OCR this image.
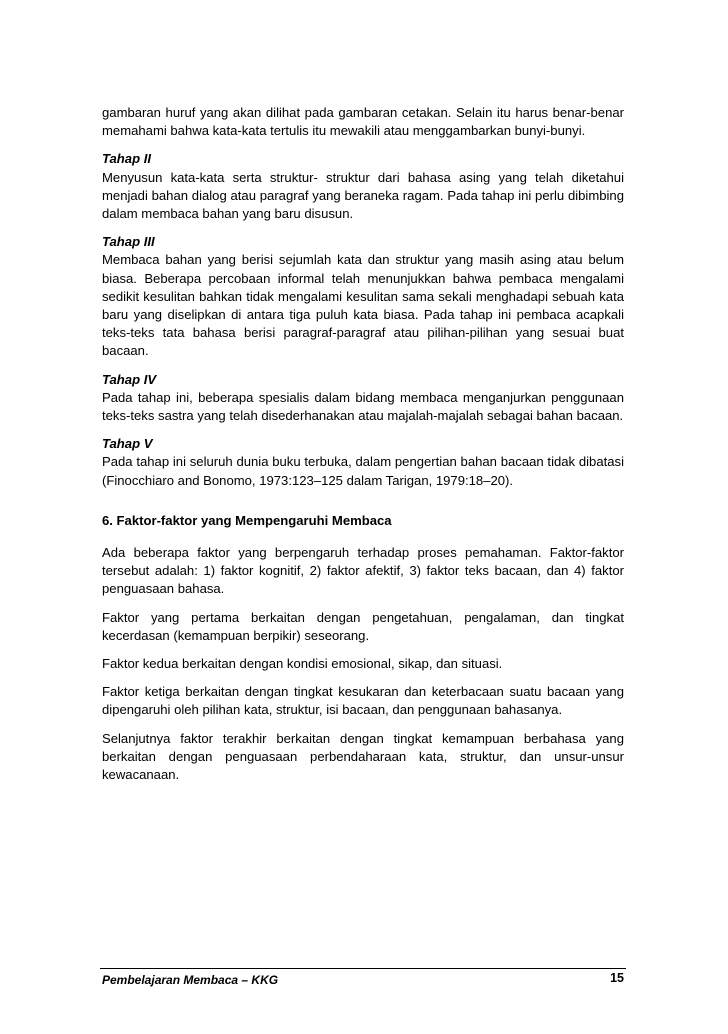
gambaran huruf yang akan dilihat pada gambaran cetakan. Selain itu harus benar-benar memahami bahwa kata-kata tertulis itu mewakili atau menggambarkan bunyi-bunyi.

Tahap II

Menyusun kata-kata serta struktur- struktur dari bahasa asing yang telah diketahui menjadi bahan dialog atau paragraf yang beraneka ragam. Pada tahap ini perlu dibimbing dalam membaca bahan yang baru disusun.

Tahap III

Membaca bahan yang berisi sejumlah kata dan struktur yang masih asing atau belum biasa. Beberapa percobaan informal telah menunjukkan bahwa pembaca mengalami sedikit kesulitan bahkan tidak mengalami kesulitan sama sekali menghadapi sebuah kata baru yang diselipkan di antara tiga puluh kata biasa. Pada tahap ini pembaca acapkali teks-teks tata bahasa berisi paragraf-paragraf atau pilihan-pilihan yang sesuai buat bacaan.

Tahap IV

Pada tahap ini, beberapa spesialis dalam bidang membaca menganjurkan penggunaan teks-teks sastra yang telah disederhanakan atau majalah-majalah sebagai bahan bacaan.

Tahap V

Pada tahap ini seluruh dunia buku terbuka, dalam pengertian bahan bacaan tidak dibatasi (Finocchiaro and Bonomo, 1973:123–125 dalam Tarigan, 1979:18–20).

6. Faktor-faktor yang Mempengaruhi Membaca

Ada beberapa faktor yang berpengaruh terhadap proses pemahaman. Faktor-faktor tersebut adalah: 1) faktor kognitif, 2) faktor afektif, 3) faktor teks bacaan, dan 4) faktor penguasaan bahasa.

Faktor yang pertama berkaitan dengan pengetahuan, pengalaman, dan tingkat kecerdasan (kemampuan berpikir) seseorang.

Faktor kedua berkaitan dengan kondisi emosional, sikap, dan situasi.

Faktor ketiga berkaitan dengan tingkat kesukaran dan keterbacaan suatu bacaan yang dipengaruhi oleh pilihan kata, struktur, isi bacaan, dan penggunaan bahasanya.

Selanjutnya faktor terakhir berkaitan dengan tingkat kemampuan berbahasa yang berkaitan dengan penguasaan perbendaharaan kata, struktur, dan unsur-unsur kewacanaan.

Pembelajaran Membaca – KKG	15
